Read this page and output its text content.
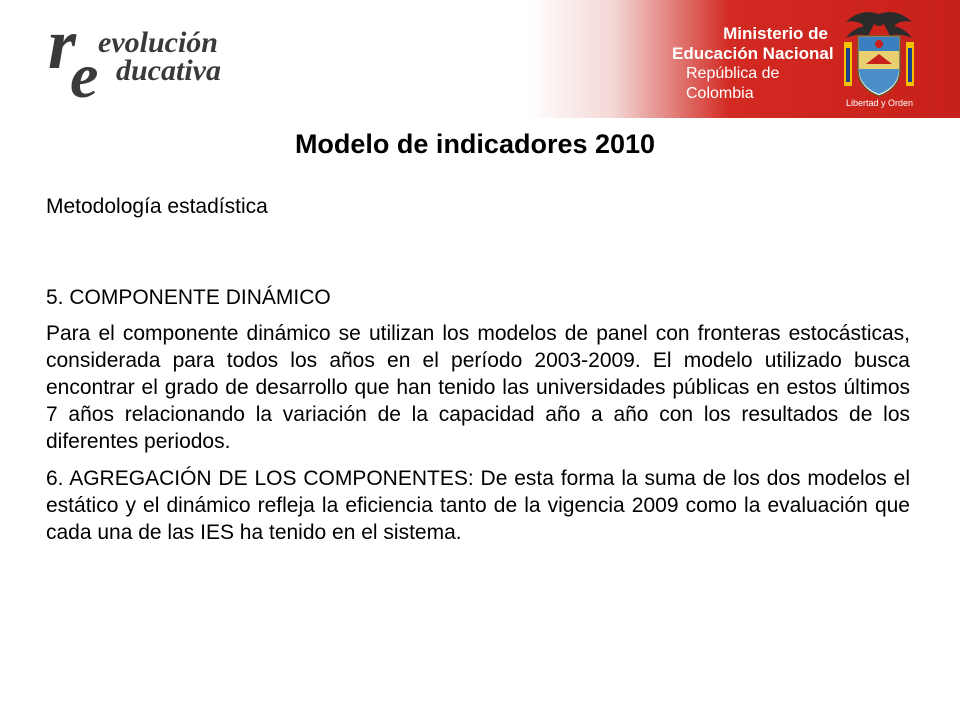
r evolución
e ducativa
Ministerio de
Educación Nacional
República de Colombia
Libertad y Orden
Modelo de indicadores 2010
Metodología estadística

5. COMPONENTE DINÁMICO

Para el componente dinámico se utilizan los modelos de panel con fronteras estocásticas, considerada para todos los años en el período 2003-2009. El modelo utilizado busca encontrar el grado de desarrollo que han tenido las universidades públicas en estos últimos 7 años relacionando la variación de la capacidad año a año con los resultados de los diferentes periodos.

6. AGREGACIÓN DE LOS COMPONENTES: De esta forma la suma de los dos modelos el estático y el dinámico refleja la eficiencia tanto de la vigencia 2009 como la evaluación que cada una de las IES ha tenido en el sistema.
